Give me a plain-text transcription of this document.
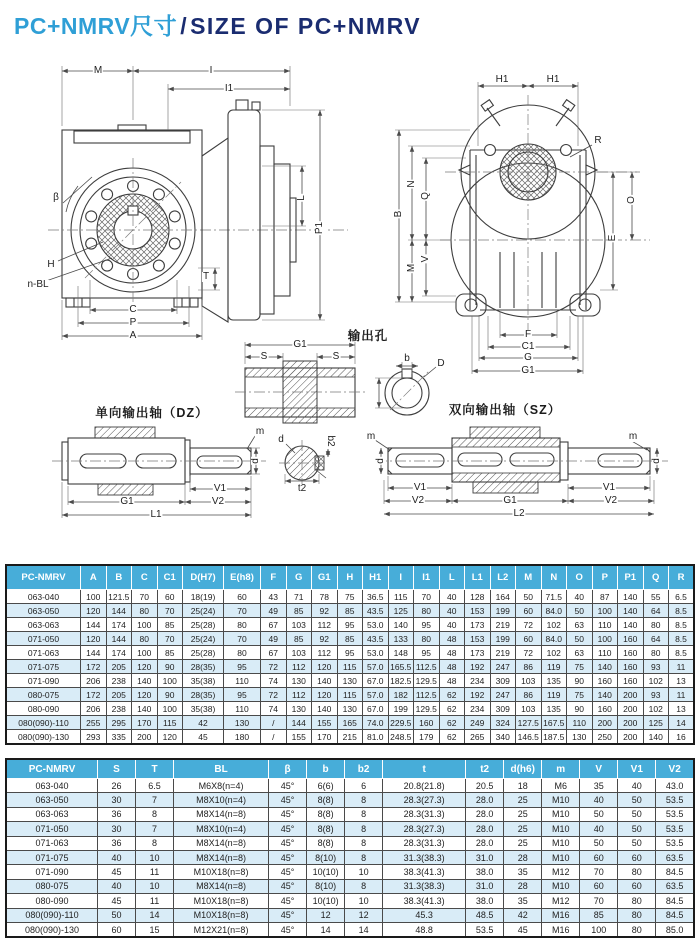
PC+NMRV尺寸 / SIZE OF PC+NMRV
M	I
I1
β
H
n-BL
T
C
P
A
L
P1
H1	H1
B
N
Q
M
V
R
O
E
F
C1
G
G1
输出孔
G1
S	S	b	D
d	b2
t2
单向输出轴（DZ）
m
d
V1
V2
G1
L1
双向输出轴（SZ）
m
d
m
d
V1
V2	G1
V1
V2
L2
PC-NMRV	A	B	C	C1	D(H7)	E(h8)	F	G	G1	H	H1	I	I1	L	L1	L2	M	N	O	P	P1	Q	R
063-040	100	121.5	70	60	18(19)	60	43	71	78	75	36.5	115	70	40	128	164	50	71.5	40	87	140	55	6.5
063-050	120	144	80	70	25(24)	70	49	85	92	85	43.5	125	80	40	153	199	60	84.0	50	100	140	64	8.5
063-063	144	174	100	85	25(28)	80	67	103	112	95	53.0	140	95	40	173	219	72	102	63	110	140	80	8.5
071-050	120	144	80	70	25(24)	70	49	85	92	85	43.5	133	80	48	153	199	60	84.0	50	100	160	64	8.5
071-063	144	174	100	85	25(28)	80	67	103	112	95	53.0	148	95	48	173	219	72	102	63	110	160	80	8.5
071-075	172	205	120	90	28(35)	95	72	112	120	115	57.0	165.5	112.5	48	192	247	86	119	75	140	160	93	11
071-090	206	238	140	100	35(38)	110	74	130	140	130	67.0	182.5	129.5	48	234	309	103	135	90	160	160	102	13
080-075	172	205	120	90	28(35)	95	72	112	120	115	57.0	182	112.5	62	192	247	86	119	75	140	200	93	11
080-090	206	238	140	100	35(38)	110	74	130	140	130	67.0	199	129.5	62	234	309	103	135	90	160	200	102	13
080(090)-110	255	295	170	115	42	130	/	144	155	165	74.0	229.5	160	62	249	324	127.5	167.5	110	200	200	125	14
080(090)-130	293	335	200	120	45	180	/	155	170	215	81.0	248.5	179	62	265	340	146.5	187.5	130	250	200	140	16
PC-NMRV	S	T	BL	β	b	b2	t	t2	d(h6)	m	V	V1	V2
063-040	26	6.5	M6X8(n=4)	45°	6(6)	6	20.8(21.8)	20.5	18	M6	35	40	43.0
063-050	30	7	M8X10(n=4)	45°	8(8)	8	28.3(27.3)	28.0	25	M10	40	50	53.5
063-063	36	8	M8X14(n=8)	45°	8(8)	8	28.3(31.3)	28.0	25	M10	50	50	53.5
071-050	30	7	M8X10(n=4)	45°	8(8)	8	28.3(27.3)	28.0	25	M10	40	50	53.5
071-063	36	8	M8X14(n=8)	45°	8(8)	8	28.3(31.3)	28.0	25	M10	50	50	53.5
071-075	40	10	M8X14(n=8)	45°	8(10)	8	31.3(38.3)	31.0	28	M10	60	60	63.5
071-090	45	11	M10X18(n=8)	45°	10(10)	10	38.3(41.3)	38.0	35	M12	70	80	84.5
080-075	40	10	M8X14(n=8)	45°	8(10)	8	31.3(38.3)	31.0	28	M10	60	60	63.5
080-090	45	11	M10X18(n=8)	45°	10(10)	10	38.3(41.3)	38.0	35	M12	70	80	84.5
080(090)-110	50	14	M10X18(n=8)	45°	12	12	45.3	48.5	42	M16	85	80	84.5
080(090)-130	60	15	M12X21(n=8)	45°	14	14	48.8	53.5	45	M16	100	80	85.0
